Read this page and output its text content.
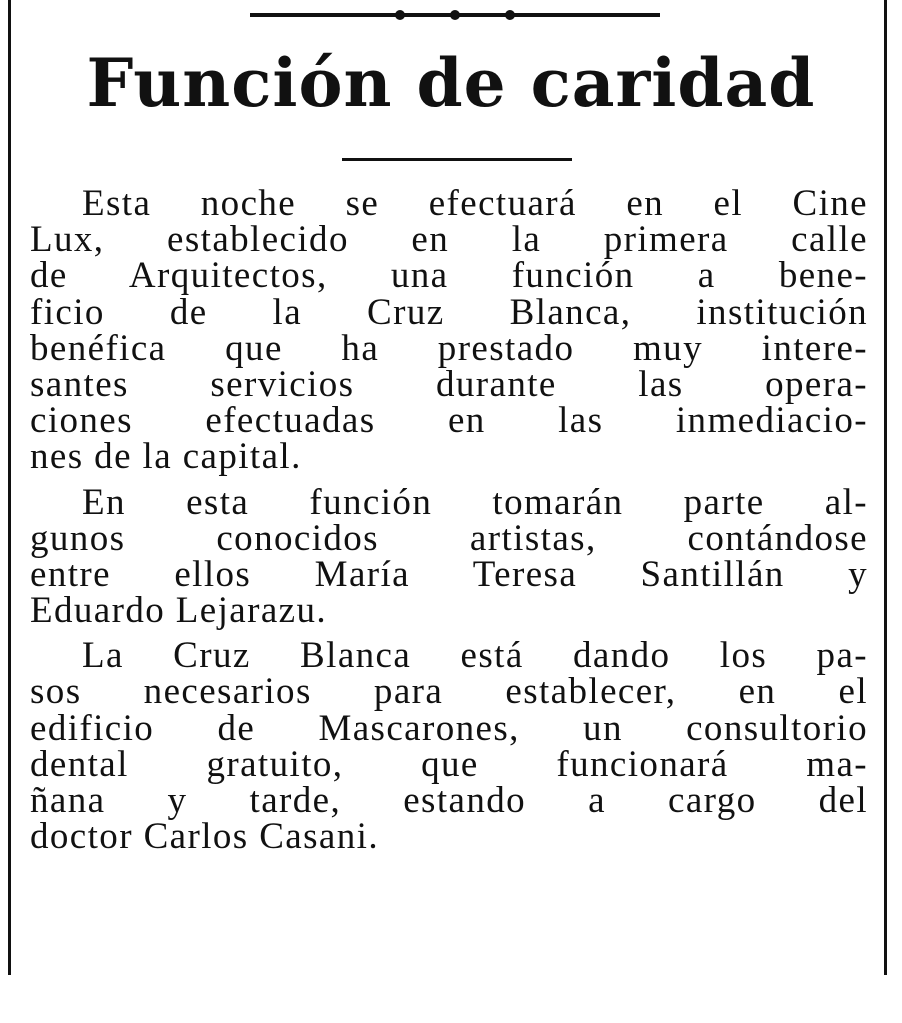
Función de caridad
Esta noche se efectuará en el Cine
Lux, establecido en la primera calle
de Arquitectos, una función a bene-
ficio de la Cruz Blanca, institución
benéfica que ha prestado muy intere-
santes servicios durante las opera-
ciones efectuadas en las inmediacio-
nes de la capital.
En esta función tomarán parte al-
gunos conocidos artistas, contándose
entre ellos María Teresa Santillán y
Eduardo Lejarazu.
La Cruz Blanca está dando los pa-
sos necesarios para establecer, en el
edificio de Mascarones, un consultorio
dental gratuito, que funcionará ma-
ñana y tarde, estando a cargo del
doctor Carlos Casani.
